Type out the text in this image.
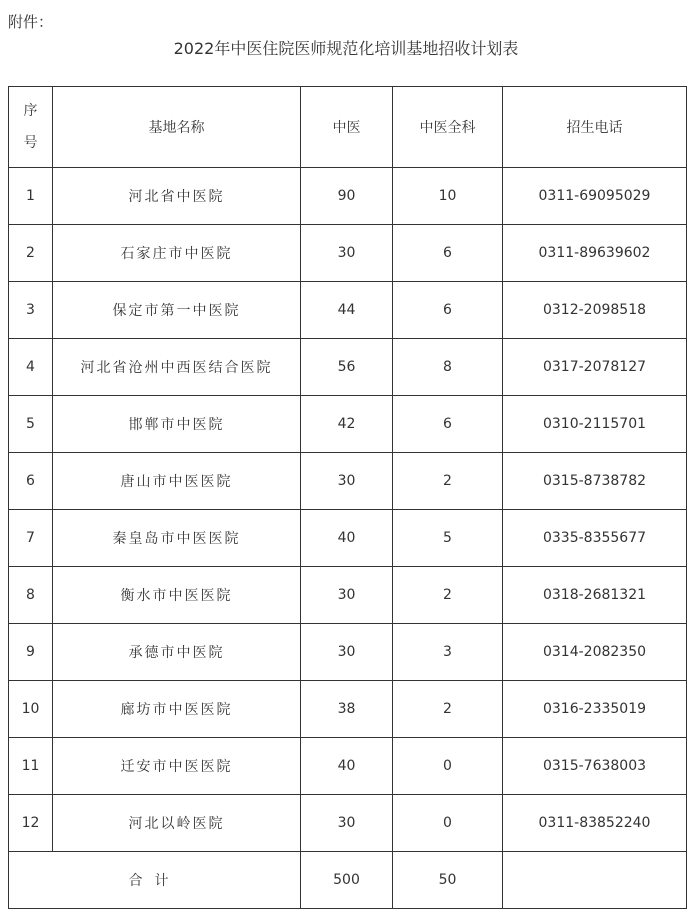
附件：
2022年中医住院医师规范化培训基地招收计划表
序
号	基地名称	中医	中医全科	招生电话
1	河北省中医院	90	10	0311-69095029
2	石家庄市中医院	30	6	0311-89639602
3	保定市第一中医院	44	6	0312-2098518
4	河北省沧州中西医结合医院	56	8	0317-2078127
5	邯郸市中医院	42	6	0310-2115701
6	唐山市中医医院	30	2	0315-8738782
7	秦皇岛市中医医院	40	5	0335-8355677
8	衡水市中医医院	30	2	0318-2681321
9	承德市中医院	30	3	0314-2082350
10	廊坊市中医医院	38	2	0316-2335019
11	迁安市中医医院	40	0	0315-7638003
12	河北以岭医院	30	0	0311-83852240
合计		500	50	
